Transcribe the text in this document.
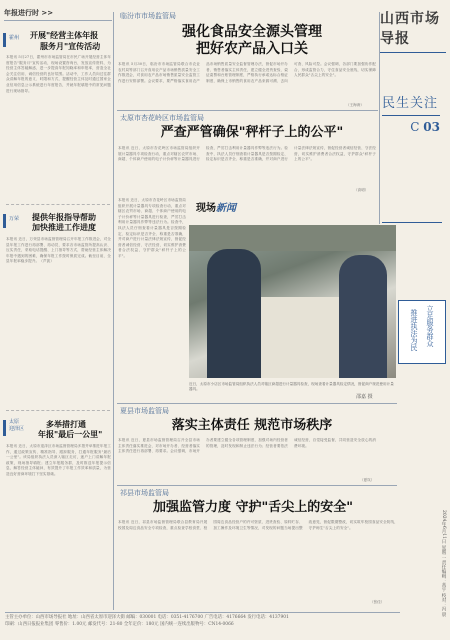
年报进行时 >>
霍州 开展"经营主体年报
服务月"宣传活动
本报讯 5月27日，霍州市市场监管局在市民广场开展经营主体年度报告"服务月"宣传活动，现场设置咨询台，发放宣传资料，为经营主体答疑解惑，进一步提高年报知晓率和申报率，营造全社会关注信用、诚信经营的良好氛围。活动中，工作人员向过往群众讲解年报的意义、时限和方式，提醒经营主体及时通过国家企业信用信息公示系统进行年度报告，并就年报填报中的常见问题进行现场指导。
万荣 提供年报指导帮助
加快推进工作进度
本报讯 近日，万荣县市场监督管理局召开年报工作推进会，对全县年报工作进行再部署、再动员，要求各市场监管所提高认识、压实责任，采取电话提醒、上门指导等方式，帮助经营主体解决年报中遇到的困难，确保年报工作按时保质完成。截至目前，全县年报率稳步提升。（芦凯）
太原
迎泽区	多举措打通
年报"最后一公里"
本报讯 近日，太原市迎泽区市场监督管理局多措并举推进年报工作，通过政策宣传、精准指导、跟踪服务，打通年报服务"最后一公里"。该局组织执法人员深入辖区走访，逐户上门讲解年报政策，现场指导填报；建立年报服务群，及时推送年报提示信息，解答经营主体疑问，有效提升了年报工作效率和质量，为营造良好营商环境打下坚实基础。
临汾市市场监管局
强化食品安全源头管理
把好农产品入口关
本报讯 5月30日，临汾市市场监管局联合市农业农村局等部门召开食用农产品市场销售质量安全工作推进会，对食用农产品市场销售质量安全监管工作进行安排部署。会议要求，要严格落实食用农产品市场销售质量安全监督管理办法，督促市场开办者、销售者落实主体责任，建立健全进货查验、索证索票和台账管理制度，严格执行承诺达标合格证制度，确保上市销售的食用农产品来源可溯、去向可查、风险可控。会议强调，各部门要加强协作配合，形成监管合力，守住食品安全底线，切实保障人民群众"舌尖上的安全"。
（王海涛）
太原市杏花岭区市场监管局
严查严管确保"秤杆子上的公平"
本报讯 近日，太原市杏花岭区市场监管局组织开展计量器具专项检查行动，重点对辖区农贸市场、商超、个体商户使用的电子计价秤等计量器具进行检查，严厉打击利用计量器具作弊等违法行为。检查中，执法人员仔细查看计量器具是否按期检定、检定标识是否齐全、称重是否准确，并对商户进行计量法律法规宣传，督促经营者诚信经营、守法经营，切实维护消费者合法权益，守护群众"秤杆子上的公平"。
（高明）
现场新闻
本报讯 近日，太原市杏花岭区市场监管局组织开展计量器具专项检查行动，重点对辖区农贸市场、商超、个体商户使用的电子计价秤等计量器具进行检查，严厉打击利用计量器具作弊等违法行为。检查中，执法人员仔细查看计量器具是否按期检定、检定标识是否齐全、称重是否准确，并对商户进行计量法律法规宣传，督促经营者诚信经营、守法经营，切实维护消费者合法权益，守护群众"秤杆子上的公平"。
近日，太原市小店区市场监管局组织执法人员对辖区商超进行计量器具检查，现场查看计量器具检定情况，督促商户规范使用计量器具。
邵嘉 摄
夏县市场监管局
落实主体责任 规范市场秩序
本报讯 近日，夏县市场监督管理局召开全县市场主体责任落实推进会，对市场开办者、经营者落实主体责任进行再部署、再要求。会议强调，市场开办者要建立健全各项管理制度，加强对场内经营者的管理，及时发现和制止违法行为；经营者要依法诚信经营，自觉接受监督，共同营造安全放心的消费环境。
（夏岚）
祁县市场监管局
加强监管力度 守护"舌尖上的安全"
本报讯 近日，祁县市场监督管理局联合县教育局开展校园及周边食品安全专项检查，重点检查学校食堂、校园周边食品经营户的许可资质、进货查验、原料贮存、加工操作及环境卫生等情况，对发现的问题当场提出整改意见，督促限期整改，切实筑牢校园食品安全防线，守护师生"舌尖上的安全"。
（张佳）
山西市场导报
民生关注
C 03
立足服务群众
推进执法为民
2024年6月11日 星期二 责任编辑：高宇 校对：冯 晨
主管主办单位：山西市场导报社 地址：山西省太原市迎泽大街 邮编：030001 电话：0351-4176700 广告电话：4176664 发行电话：4137901
印刷：山西日报报业集团 零售价：1.00元 邮发代号：21-80 全年定价：180元 国内统一连续出版物号：CN14-0066
